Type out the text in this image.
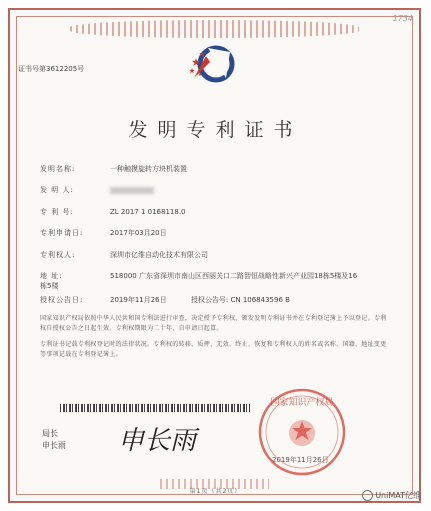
1734
证书号第3612205号
发明专利证书
发明名称:	一种触摸旋转方块机装置
发 明 人:
专 利 号:	ZL 2017 1 0168118.0
专利申请日:	2017年03月20日
专利权人:	深圳市亿维自动化技术有限公司
地 址:	518000 广东省深圳市南山区西丽关口二路智恒战略性新兴产业园18栋5楼及16栋5楼
授权公告日:	2019年11月26日	授权公告号: CN 106843596 B
国家知识产权局依照中华人民共和国专利法进行审查，决定授予专利权，颁发发明专利证书并在专利登记簿上予以登记。专利权自授权公告之日起生效。专利权期限为二十年，自申请日起算。
专利证书记载专利权登记时的法律状况。专利权的转移、质押、无效、终止、恢复和专利权人的姓名或名称、国籍、地址变更等事项记载在专利登记簿上。
局长
申长雨 申长雨
国家知识产权局
2019年11月26日
第1页（共2页）	UniMAT亿维
